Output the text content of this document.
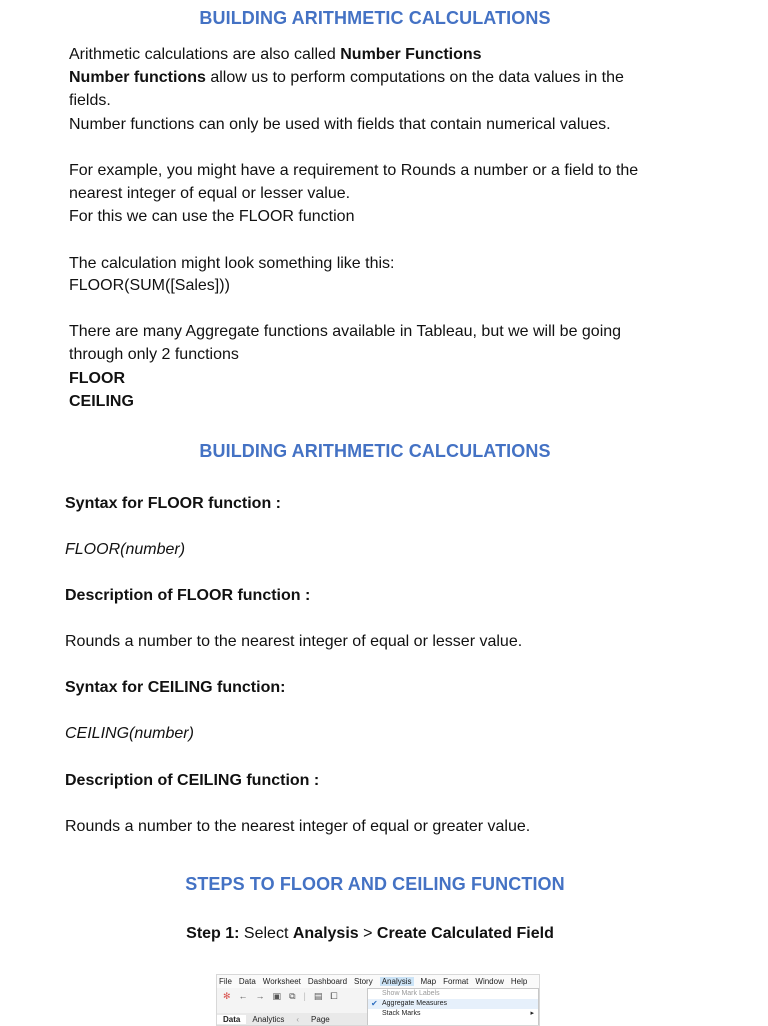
BUILDING ARITHMETIC CALCULATIONS
Arithmetic calculations are also called Number Functions
Number functions allow us to perform computations on the data values in the
fields.
Number functions can only be used with fields that contain numerical values.
For example, you might have a requirement to Rounds a number or a field to the
nearest integer of equal or lesser value.
For this we can use the FLOOR function
The calculation might look something like this:
FLOOR(SUM([Sales]))
There are many Aggregate functions available in Tableau, but we will be going
through only 2 functions
FLOOR
CEILING
BUILDING ARITHMETIC CALCULATIONS
Syntax for FLOOR function :
FLOOR(number)
Description of FLOOR function :
Rounds a number to the nearest integer of equal or lesser value.
Syntax for CEILING function:
CEILING(number)
Description of CEILING function :
Rounds a number to the nearest integer of equal or greater value.
STEPS TO FLOOR AND CEILING FUNCTION
Step 1: Select Analysis > Create Calculated Field
File Data Worksheet Dashboard Story Analysis Map Format Window Help
✻ ← → ▣ ⧉ | ▤ ⧠
Data	Analytics	‹	Page
Show Mark Labels
✔ Aggregate Measures
Stack Marks	▸
